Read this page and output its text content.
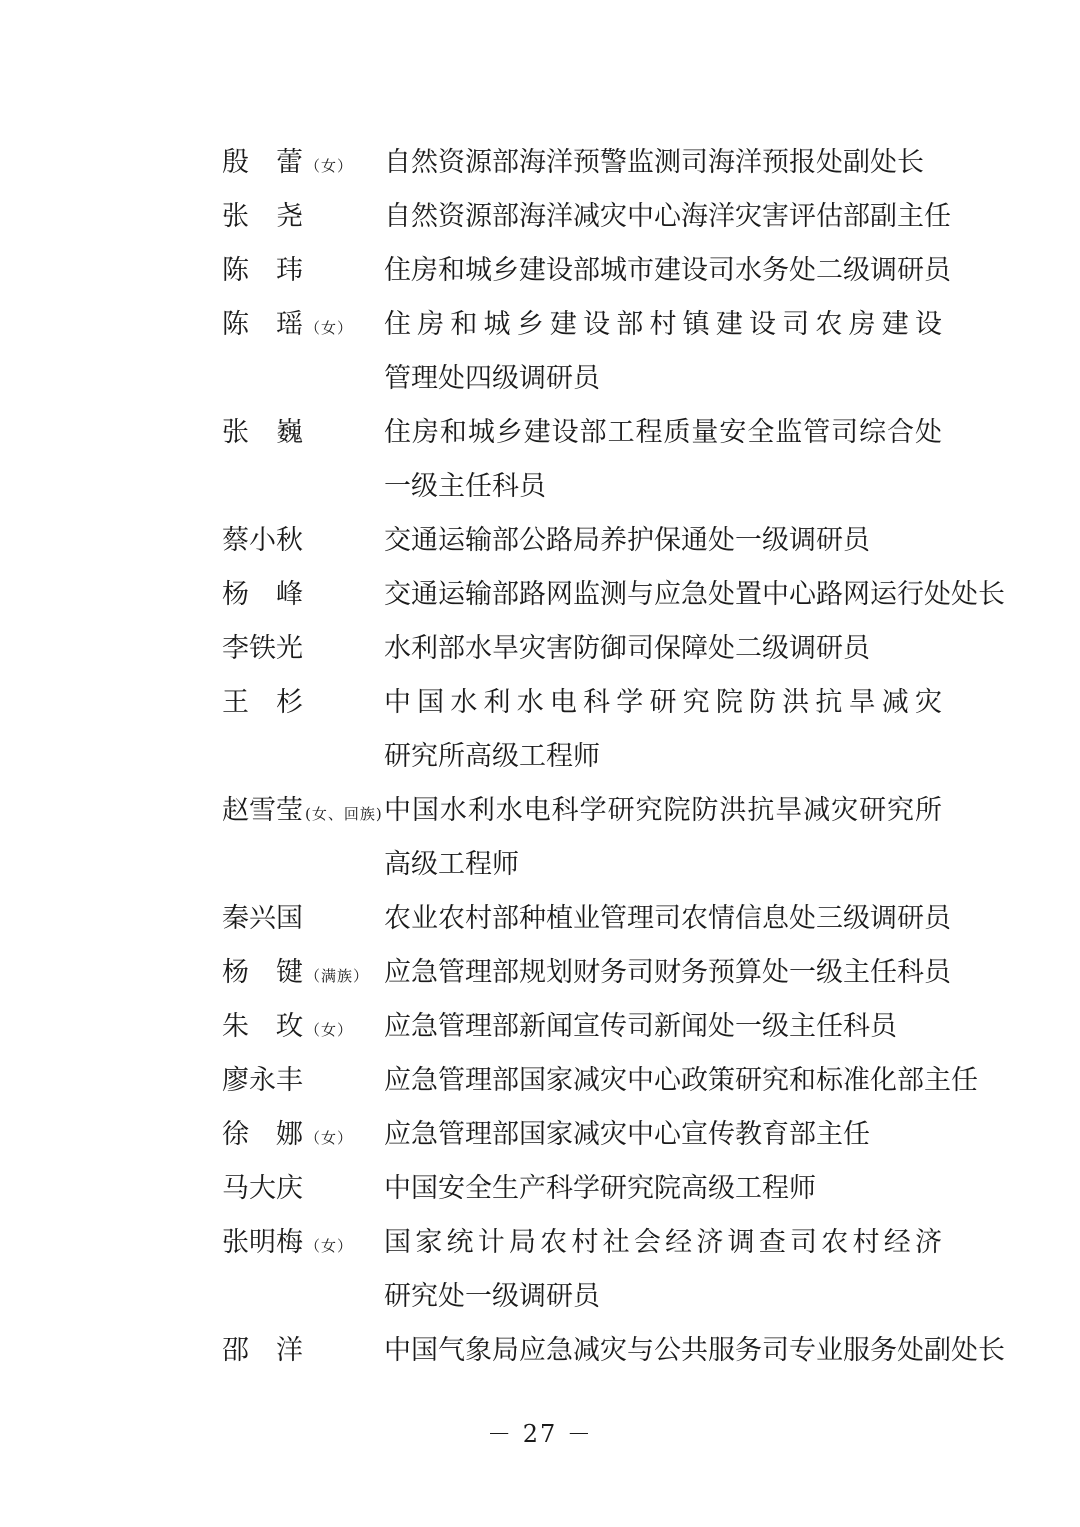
殷　蕾 （女） 自然资源部海洋预警监测司海洋预报处副处长
张　尧	自然资源部海洋减灾中心海洋灾害评估部副主任
陈　玮	住房和城乡建设部城市建设司水务处二级调研员
陈　瑶 （女） 住房和城乡建设部村镇建设司农房建设
管理处四级调研员
张　巍	住房和城乡建设部工程质量安全监管司综合处
一级主任科员
蔡小秋	交通运输部公路局养护保通处一级调研员
杨　峰	交通运输部路网监测与应急处置中心路网运行处处长
李铁光	水利部水旱灾害防御司保障处二级调研员
王　杉	中国水利水电科学研究院防洪抗旱减灾
研究所高级工程师
赵雪莹 (女、回族) 中国水利水电科学研究院防洪抗旱减灾研究所
高级工程师
秦兴国	农业农村部种植业管理司农情信息处三级调研员
杨　键 （满族） 应急管理部规划财务司财务预算处一级主任科员
朱　玫 （女） 应急管理部新闻宣传司新闻处一级主任科员
廖永丰	应急管理部国家减灾中心政策研究和标准化部主任
徐　娜 （女） 应急管理部国家减灾中心宣传教育部主任
马大庆	中国安全生产科学研究院高级工程师
张明梅 （女） 国家统计局农村社会经济调查司农村经济
研究处一级调研员
邵　洋	中国气象局应急减灾与公共服务司专业服务处副处长
－ 27 －
